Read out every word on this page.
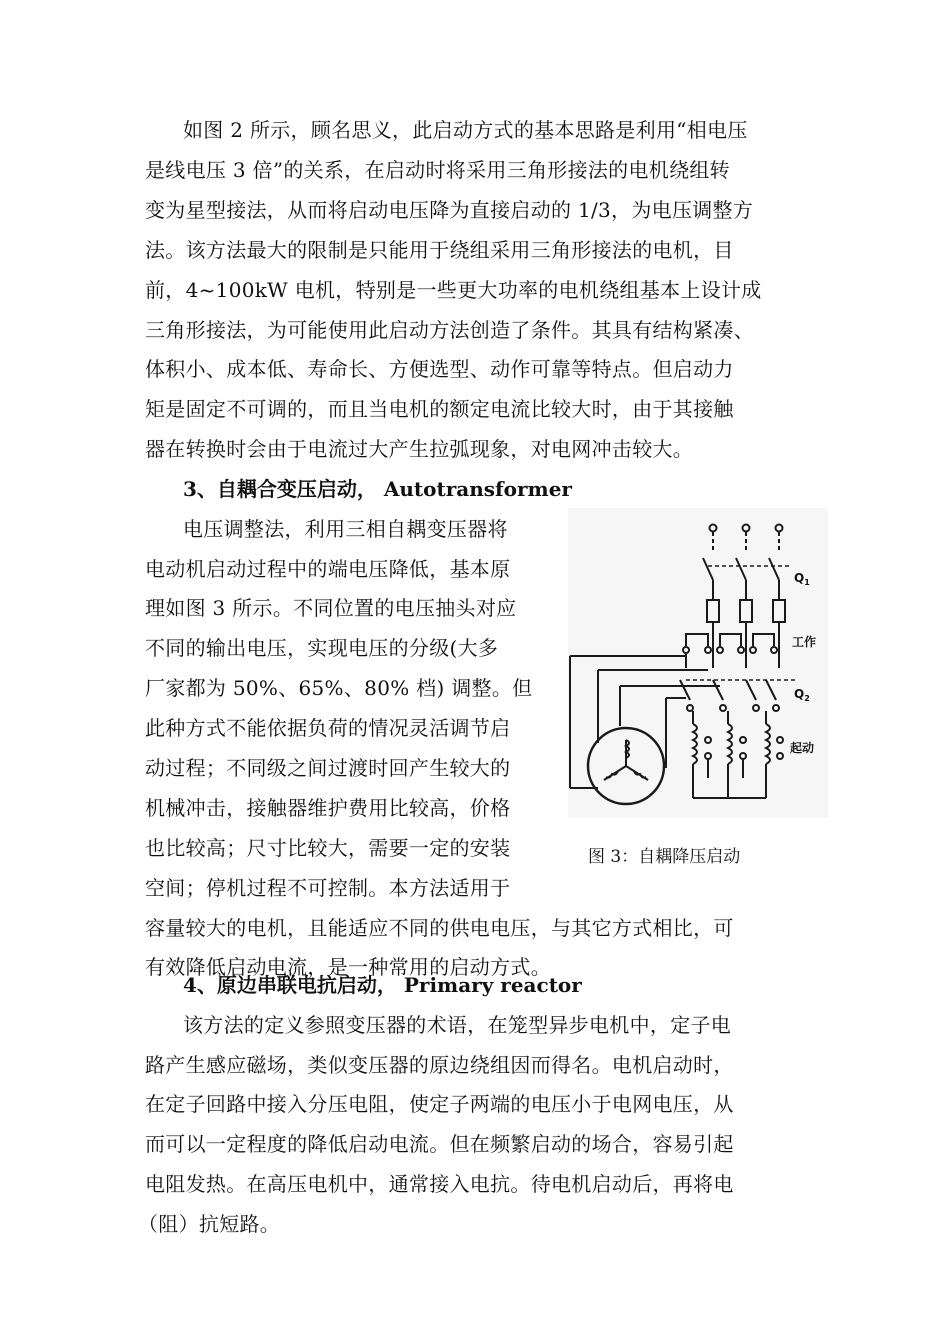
如图 2 所示，顾名思义，此启动方式的基本思路是利用“相电压
是线电压 3 倍”的关系，在启动时将采用三角形接法的电机绕组转
变为星型接法，从而将启动电压降为直接启动的 1/3，为电压调整方
法。该方法最大的限制是只能用于绕组采用三角形接法的电机，目
前，4~100kW 电机，特别是一些更大功率的电机绕组基本上设计成
三角形接法，为可能使用此启动方法创造了条件。其具有结构紧凑、
体积小、成本低、寿命长、方便选型、动作可靠等特点。但启动力
矩是固定不可调的，而且当电机的额定电流比较大时，由于其接触
器在转换时会由于电流过大产生拉弧现象，对电网冲击较大。
3、自耦合变压启动， Autotransformer
电压调整法，利用三相自耦变压器将
电动机启动过程中的端电压降低，基本原
理如图 3 所示。不同位置的电压抽头对应
不同的输出电压，实现电压的分级(大多
厂家都为 50%、65%、80% 档) 调整。但
此种方式不能依据负荷的情况灵活调节启
动过程；不同级之间过渡时回产生较大的
机械冲击，接触器维护费用比较高，价格
也比较高；尺寸比较大，需要一定的安装
空间；停机过程不可控制。本方法适用于
容量较大的电机，且能适应不同的供电电压，与其它方式相比，可
有效降低启动电流，是一种常用的启动方式。
$Q_1$
工作
$Q_2$
起动
图 3：自耦降压启动
4、原边串联电抗启动， Primary reactor
该方法的定义参照变压器的术语，在笼型异步电机中，定子电
路产生感应磁场，类似变压器的原边绕组因而得名。电机启动时，
在定子回路中接入分压电阻，使定子两端的电压小于电网电压，从
而可以一定程度的降低启动电流。但在频繁启动的场合，容易引起
电阻发热。在高压电机中，通常接入电抗。待电机启动后，再将电
（阻）抗短路。
